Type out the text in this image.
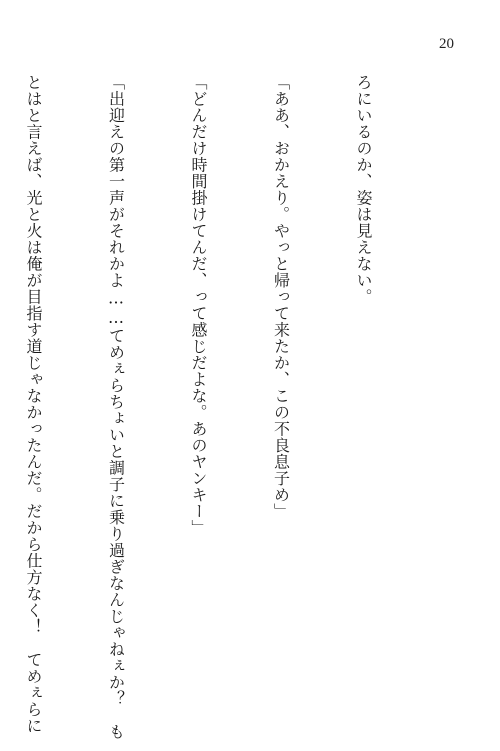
20

ろにいるのか、姿は見えない。

「ああ、おかえり。やっと帰って来たか、この不良息子め」

「どんだけ時間掛けてんだ、って感じだよな。あのヤンキー」

「出迎えの第一声がそれかよ……てめぇらちょいと調子に乗り過ぎなんじゃねぇか？　も

とはと言えば、光と火は俺が目指す道じゃなかったんだ。だから仕方なく！　てめぇらに
